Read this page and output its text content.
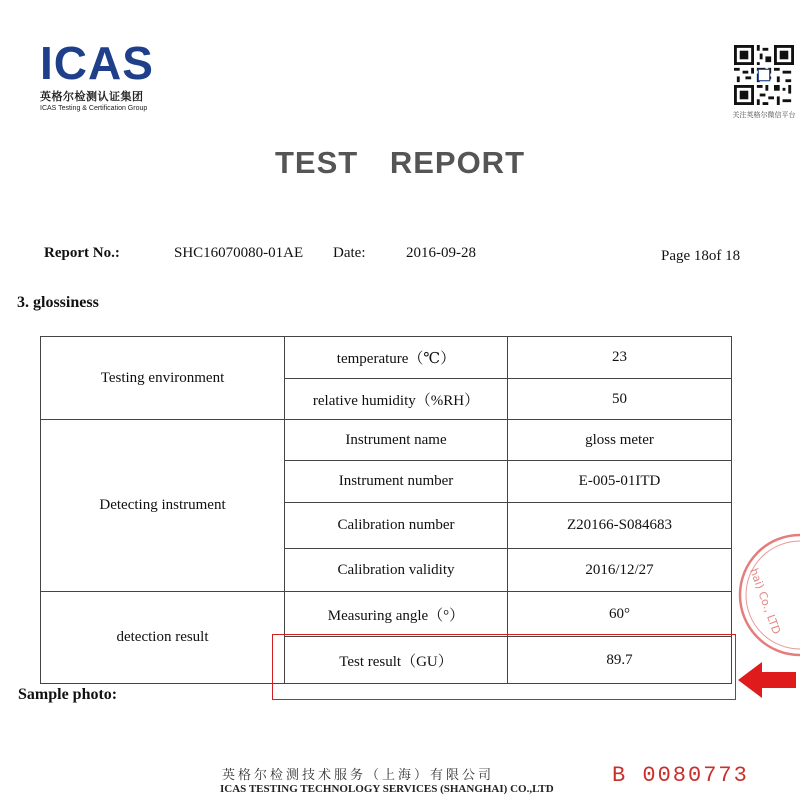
ICAS
英格尔检测认证集团
ICAS Testing & Certification Group
关注英格尔微信平台
TEST REPORT
Report No.:	SHC16070080-01AE Date:	2016-09-28	Page 18of 18
3. glossiness
Testing environment	temperature（℃）	23
	relative humidity（%RH）	50
Detecting instrument	Instrument name	gloss meter
	Instrument number	E-005-01ITD
	Calibration number	Z20166-S084683
	Calibration validity	2016/12/27
detection result	Measuring angle（°）	60°
	Test result（GU）	89.7
hai) Co., LTD
Sample photo:
英格尔检测技术服务（上海）有限公司
ICAS TESTING TECHNOLOGY SERVICES (SHANGHAI) CO.,LTD
B 0080773
